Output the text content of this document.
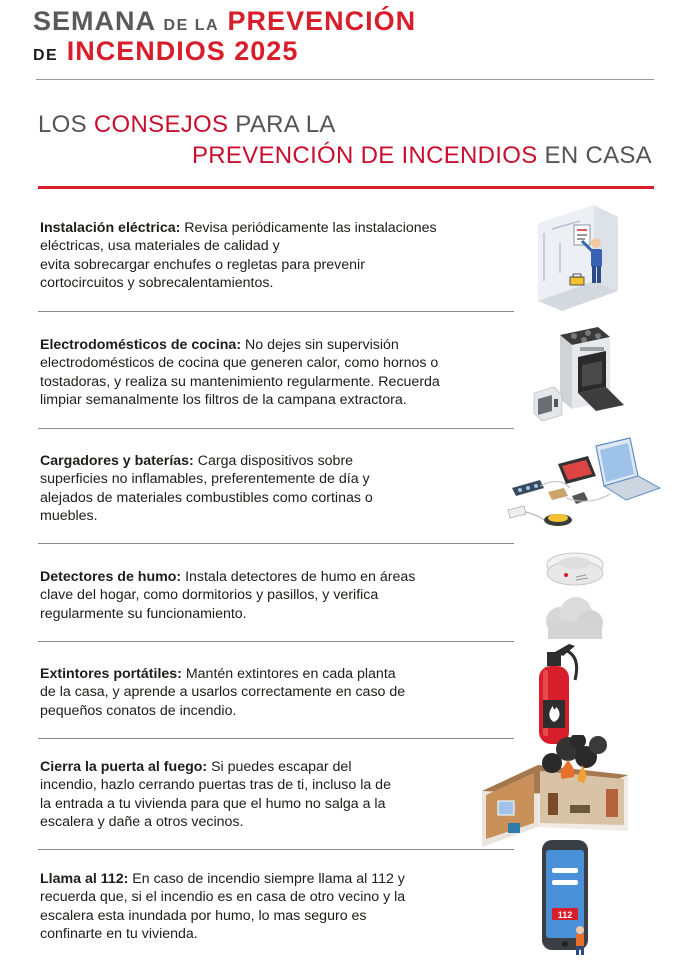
SEMANA DE LA PREVENCIÓN
DE INCENDIOS 2025
LOS CONSEJOS PARA LA
PREVENCIÓN DE INCENDIOS EN CASA
Instalación eléctrica: Revisa periódicamente las instalaciones
eléctricas, usa materiales de calidad y
evita sobrecargar enchufes o regletas para prevenir
cortocircuitos y sobrecalentamientos.
Electrodomésticos de cocina: No dejes sin supervisión
electrodomésticos de cocina que generen calor, como hornos o
tostadoras, y realiza su mantenimiento regularmente. Recuerda
limpiar semanalmente los filtros de la campana extractora.
Cargadores y baterías: Carga dispositivos sobre
superficies no inflamables, preferentemente de día y
alejados de materiales combustibles como cortinas o
muebles.
Detectores de humo: Instala detectores de humo en áreas
clave del hogar, como dormitorios y pasillos, y verifica
regularmente su funcionamiento.
Extintores portátiles: Mantén extintores en cada planta
de la casa, y aprende a usarlos correctamente en caso de
pequeños conatos de incendio.
Cierra la puerta al fuego: Si puedes escapar del
incendio, hazlo cerrando puertas tras de ti, incluso la de
la entrada a tu vivienda para que el humo no salga a la
escalera y dañe a otros vecinos.
Llama al 112: En caso de incendio siempre llama al 112 y
recuerda que, si el incendio es en casa de otro vecino y la
escalera esta inundada por humo, lo mas seguro es
confinarte en tu vivienda.
112
